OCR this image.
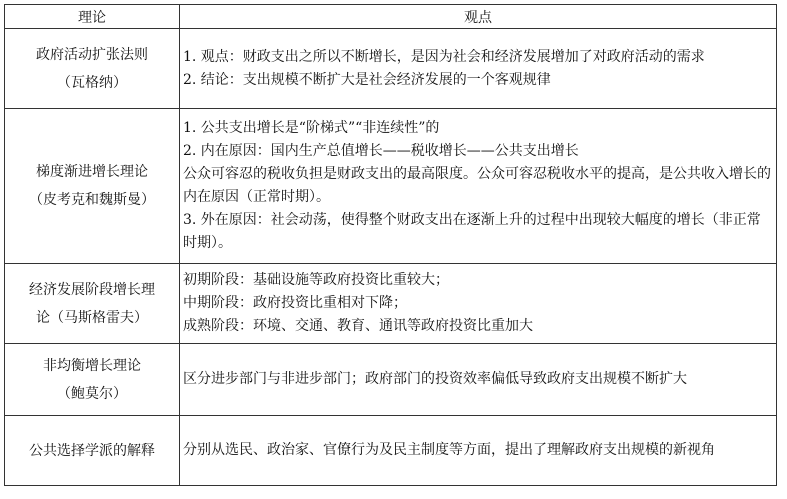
理论	观点

政府活动扩张法则
（瓦格纳）	1. 观点：财政支出之所以不断增长，是因为社会和经济发展增加了对政府活动的需求
2. 结论：支出规模不断扩大是社会经济发展的一个客观规律

梯度渐进增长理论
（皮考克和魏斯曼）	1. 公共支出增长是“阶梯式”“非连续性”的
2. 内在原因：国内生产总值增长——税收增长——公共支出增长
公众可容忍的税收负担是财政支出的最高限度。公众可容忍税收水平的提高，是公共收入增长的内在原因（正常时期）。
3. 外在原因：社会动荡，使得整个财政支出在逐渐上升的过程中出现较大幅度的增长（非正常时期）。

经济发展阶段增长理
论（马斯格雷夫）	初期阶段：基础设施等政府投资比重较大；
中期阶段：政府投资比重相对下降；
成熟阶段：环境、交通、教育、通讯等政府投资比重加大

非均衡增长理论
（鲍莫尔）	区分进步部门与非进步部门；政府部门的投资效率偏低导致政府支出规模不断扩大

公共选择学派的解释	分别从选民、政治家、官僚行为及民主制度等方面，提出了理解政府支出规模的新视角
